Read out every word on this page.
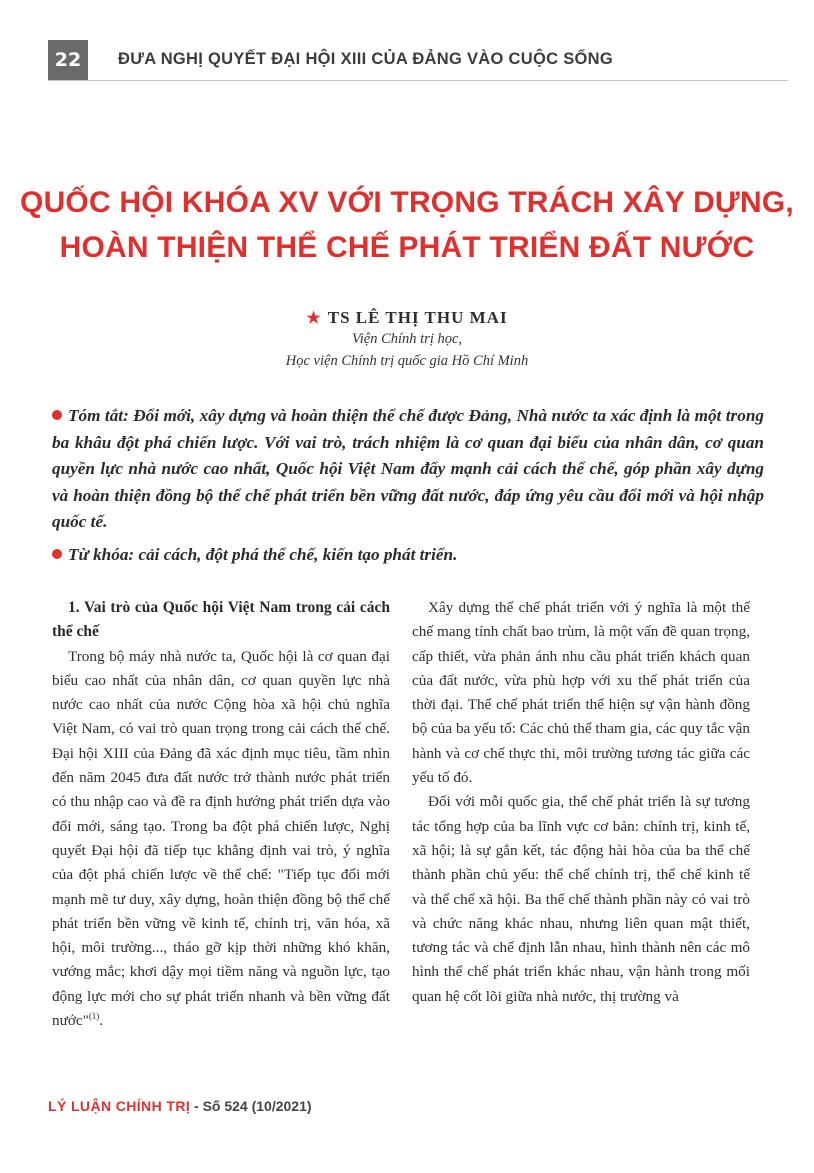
22	ĐƯA NGHỊ QUYẾT ĐẠI HỘI XIII CỦA ĐẢNG VÀO CUỘC SỐNG
QUỐC HỘI KHÓA XV VỚI TRỌNG TRÁCH XÂY DỰNG,
HOÀN THIỆN THỂ CHẾ PHÁT TRIỂN ĐẤT NƯỚC
★ TS LÊ THỊ THU MAI
Viện Chính trị học,
Học viện Chính trị quốc gia Hồ Chí Minh

Tóm tắt: Đổi mới, xây dựng và hoàn thiện thể chế được Đảng, Nhà nước ta xác định là một trong ba khâu đột phá chiến lược. Với vai trò, trách nhiệm là cơ quan đại biểu của nhân dân, cơ quan quyền lực nhà nước cao nhất, Quốc hội Việt Nam đẩy mạnh cải cách thể chế, góp phần xây dựng và hoàn thiện đồng bộ thể chế phát triển bền vững đất nước, đáp ứng yêu cầu đổi mới và hội nhập quốc tế.

Từ khóa: cải cách, đột phá thể chế, kiến tạo phát triển.

1. Vai trò của Quốc hội Việt Nam trong cải cách thể chế

Trong bộ máy nhà nước ta, Quốc hội là cơ quan đại biểu cao nhất của nhân dân, cơ quan quyền lực nhà nước cao nhất của nước Cộng hòa xã hội chủ nghĩa Việt Nam, có vai trò quan trọng trong cải cách thể chế. Đại hội XIII của Đảng đã xác định mục tiêu, tầm nhìn đến năm 2045 đưa đất nước trở thành nước phát triển có thu nhập cao và đề ra định hướng phát triển dựa vào đổi mới, sáng tạo. Trong ba đột phá chiến lược, Nghị quyết Đại hội đã tiếp tục khẳng định vai trò, ý nghĩa của đột phá chiến lược về thể chế: "Tiếp tục đổi mới mạnh mẽ tư duy, xây dựng, hoàn thiện đồng bộ thể chế phát triển bền vững về kinh tế, chính trị, văn hóa, xã hội, môi trường..., tháo gỡ kịp thời những khó khăn, vướng mắc; khơi dậy mọi tiềm năng và nguồn lực, tạo động lực mới cho sự phát triển nhanh và bền vững đất nước"$^{(1)}$.

Xây dựng thể chế phát triển với ý nghĩa là một thể chế mang tính chất bao trùm, là một vấn đề quan trọng, cấp thiết, vừa phản ánh nhu cầu phát triển khách quan của đất nước, vừa phù hợp với xu thế phát triển của thời đại. Thể chế phát triển thể hiện sự vận hành đồng bộ của ba yếu tố: Các chủ thể tham gia, các quy tắc vận hành và cơ chế thực thi, môi trường tương tác giữa các yếu tố đó.

Đối với mỗi quốc gia, thể chế phát triển là sự tương tác tổng hợp của ba lĩnh vực cơ bản: chính trị, kinh tế, xã hội; là sự gắn kết, tác động hài hòa của ba thể chế thành phần chủ yếu: thể chế chính trị, thể chế kinh tế và thể chế xã hội. Ba thể chế thành phần này có vai trò và chức năng khác nhau, nhưng liên quan mật thiết, tương tác và chế định lẫn nhau, hình thành nên các mô hình thể chế phát triển khác nhau, vận hành trong mối quan hệ cốt lõi giữa nhà nước, thị trường và

LÝ LUẬN CHÍNH TRỊ - Số 524 (10/2021)
